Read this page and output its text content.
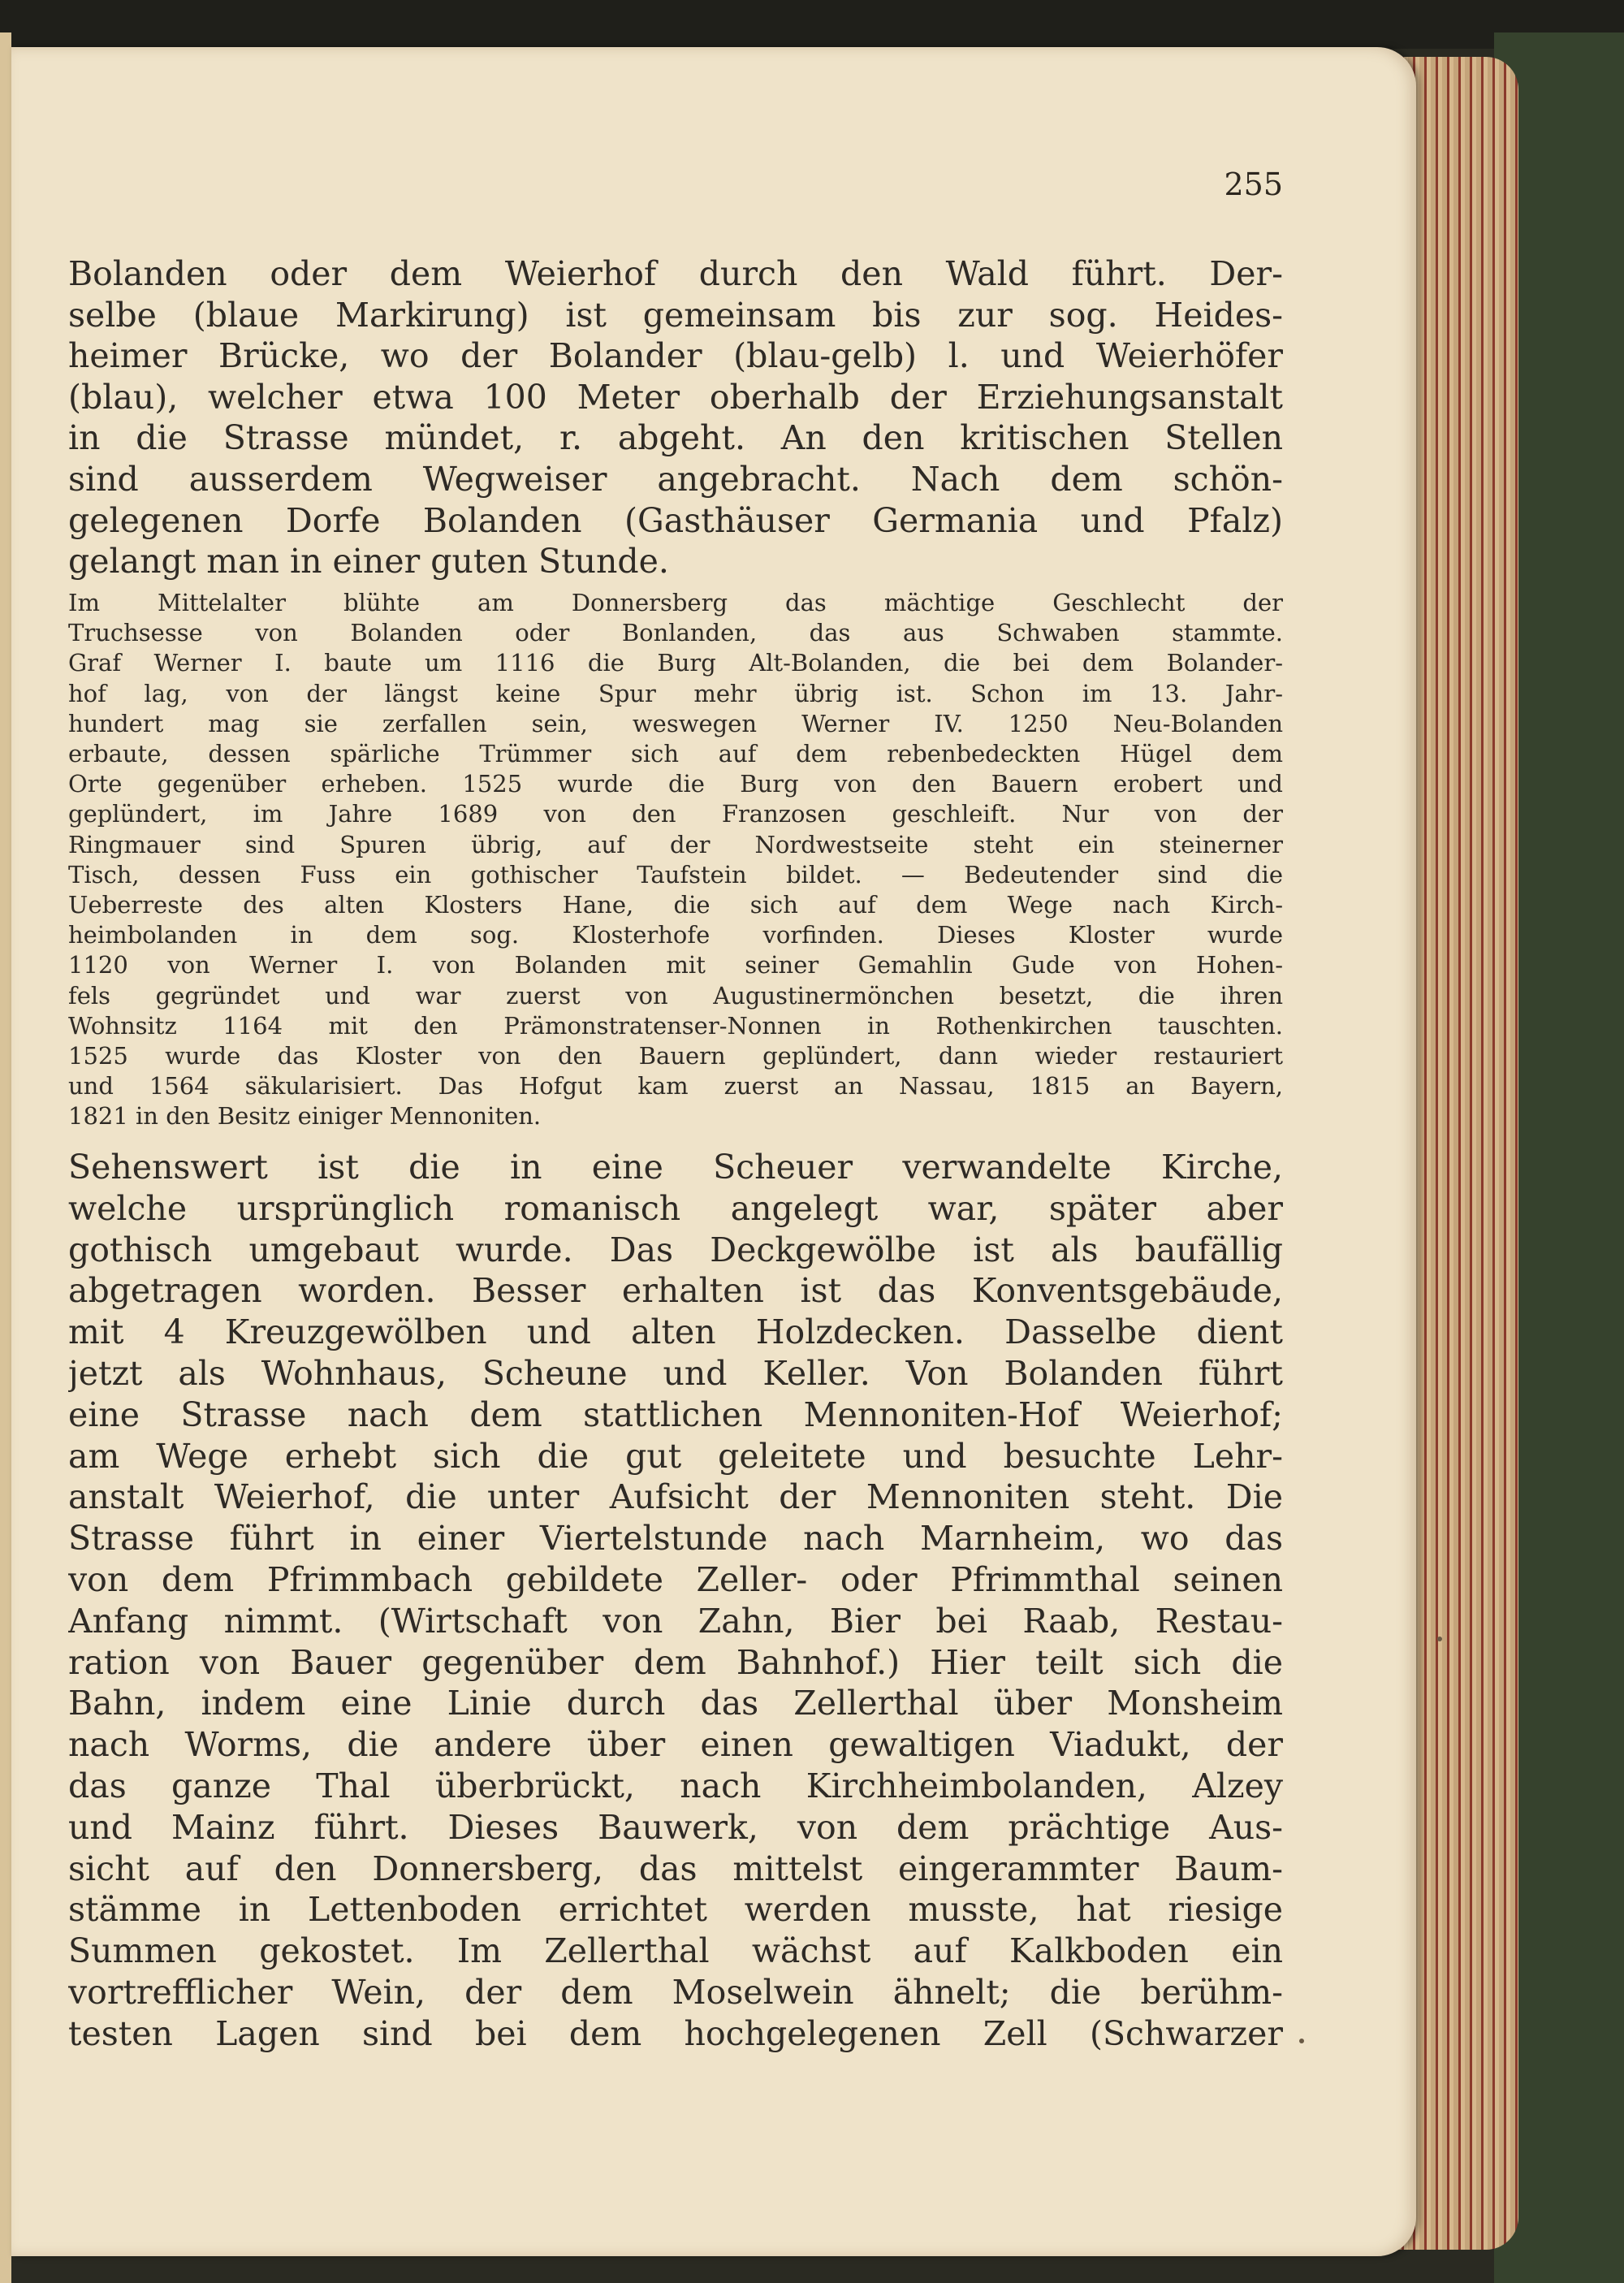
255

Bolanden oder dem Weierhof durch den Wald führt. Der-
selbe (blaue Markirung) ist gemeinsam bis zur sog. Heides-
heimer Brücke, wo der Bolander (blau-gelb) l. und Weierhöfer
(blau), welcher etwa 100 Meter oberhalb der Erziehungsanstalt
in die Strasse mündet, r. abgeht. An den kritischen Stellen
sind ausserdem Wegweiser angebracht. Nach dem schön-
gelegenen Dorfe Bolanden (Gasthäuser Germania und Pfalz)
gelangt man in einer guten Stunde.
Im Mittelalter blühte am Donnersberg das mächtige Geschlecht der
Truchsesse von Bolanden oder Bonlanden, das aus Schwaben stammte.
Graf Werner I. baute um 1116 die Burg Alt-Bolanden, die bei dem Bolander-
hof lag, von der längst keine Spur mehr übrig ist. Schon im 13. Jahr-
hundert mag sie zerfallen sein, weswegen Werner IV. 1250 Neu-Bolanden
erbaute, dessen spärliche Trümmer sich auf dem rebenbedeckten Hügel dem
Orte gegenüber erheben. 1525 wurde die Burg von den Bauern erobert und
geplündert, im Jahre 1689 von den Franzosen geschleift. Nur von der
Ringmauer sind Spuren übrig, auf der Nordwestseite steht ein steinerner
Tisch, dessen Fuss ein gothischer Taufstein bildet. — Bedeutender sind die
Ueberreste des alten Klosters Hane, die sich auf dem Wege nach Kirch-
heimbolanden in dem sog. Klosterhofe vorfinden. Dieses Kloster wurde
1120 von Werner I. von Bolanden mit seiner Gemahlin Gude von Hohen-
fels gegründet und war zuerst von Augustinermönchen besetzt, die ihren
Wohnsitz 1164 mit den Prämonstratenser-Nonnen in Rothenkirchen tauschten.
1525 wurde das Kloster von den Bauern geplündert, dann wieder restauriert
und 1564 säkularisiert. Das Hofgut kam zuerst an Nassau, 1815 an Bayern,
1821 in den Besitz einiger Mennoniten.
Sehenswert ist die in eine Scheuer verwandelte Kirche,
welche ursprünglich romanisch angelegt war, später aber
gothisch umgebaut wurde. Das Deckgewölbe ist als baufällig
abgetragen worden. Besser erhalten ist das Konventsgebäude,
mit 4 Kreuzgewölben und alten Holzdecken. Dasselbe dient
jetzt als Wohnhaus, Scheune und Keller. Von Bolanden führt
eine Strasse nach dem stattlichen Mennoniten-Hof Weierhof;
am Wege erhebt sich die gut geleitete und besuchte Lehr-
anstalt Weierhof, die unter Aufsicht der Mennoniten steht. Die
Strasse führt in einer Viertelstunde nach Marnheim, wo das
von dem Pfrimmbach gebildete Zeller- oder Pfrimmthal seinen
Anfang nimmt. (Wirtschaft von Zahn, Bier bei Raab, Restau-
ration von Bauer gegenüber dem Bahnhof.) Hier teilt sich die
Bahn, indem eine Linie durch das Zellerthal über Monsheim
nach Worms, die andere über einen gewaltigen Viadukt, der
das ganze Thal überbrückt, nach Kirchheimbolanden, Alzey
und Mainz führt. Dieses Bauwerk, von dem prächtige Aus-
sicht auf den Donnersberg, das mittelst eingerammter Baum-
stämme in Lettenboden errichtet werden musste, hat riesige
Summen gekostet. Im Zellerthal wächst auf Kalkboden ein
vortrefflicher Wein, der dem Moselwein ähnelt; die berühm-
testen Lagen sind bei dem hochgelegenen Zell (Schwarzer
